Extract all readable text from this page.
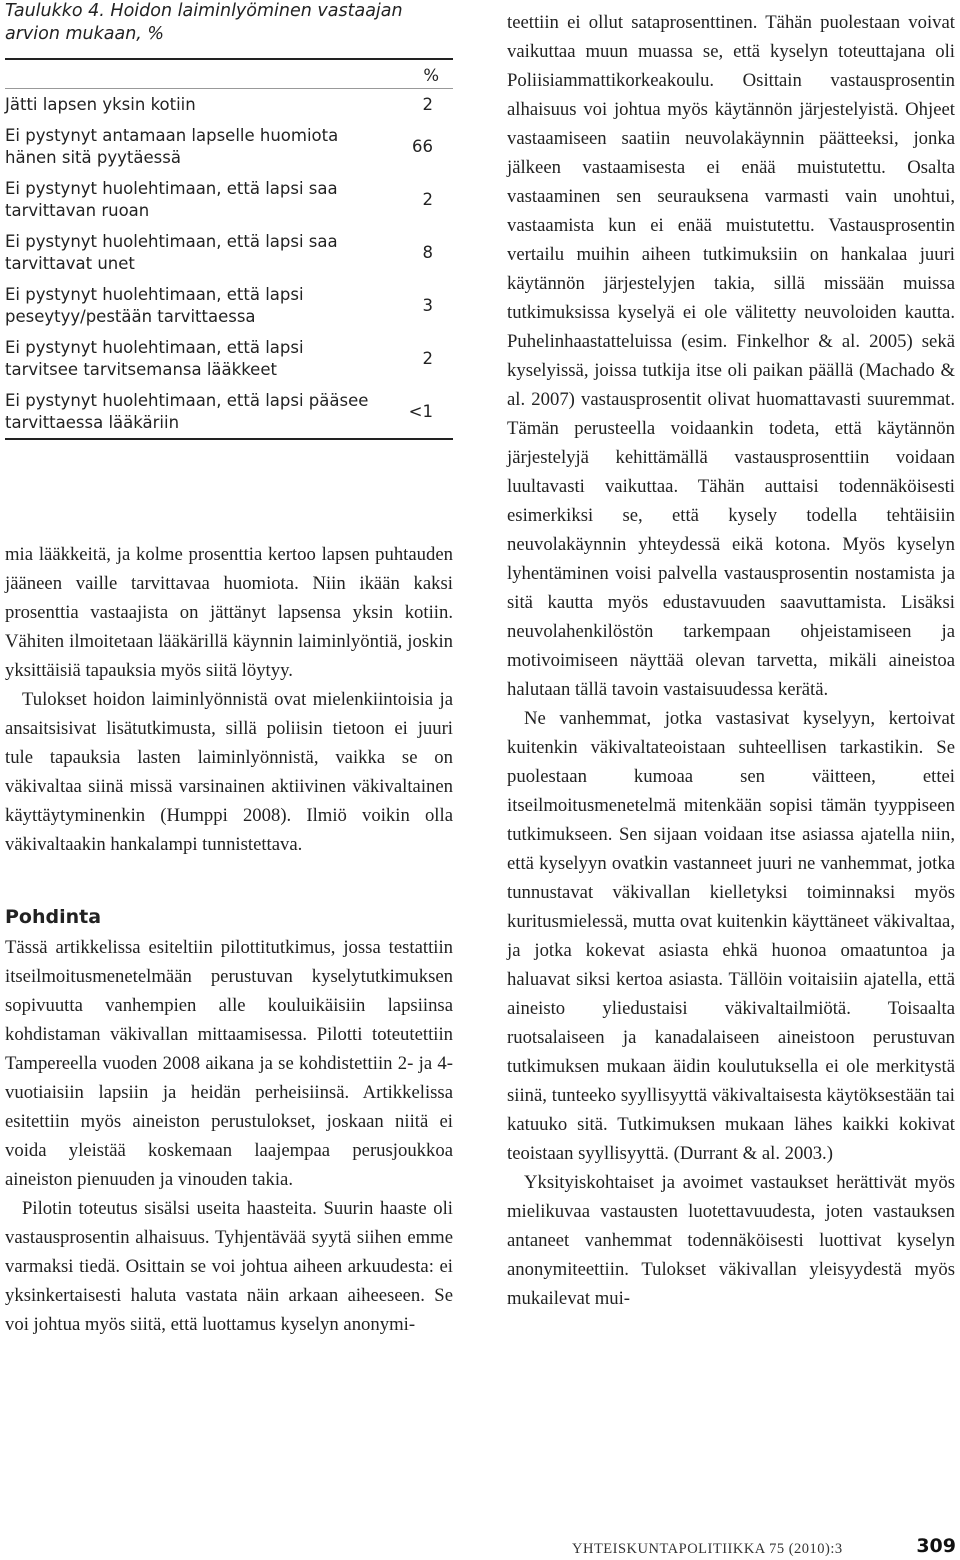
Taulukko 4. Hoidon laiminlyöminen vastaajan arvion mukaan, %

%	
Jätti lapsen yksin kotiin	2
Ei pystynyt antamaan lapselle huomiota hänen sitä pyytäessä	66
Ei pystynyt huolehtimaan, että lapsi saa tarvittavan ruoan	2
Ei pystynyt huolehtimaan, että lapsi saa tarvittavat unet	8
Ei pystynyt huolehtimaan, että lapsi peseytyy/pestään tarvittaessa	3
Ei pystynyt huolehtimaan, että lapsi tarvitsee tarvitsemansa lääkkeet	2
Ei pystynyt huolehtimaan, että lapsi pääsee tarvittaessa lääkäriin	<1

mia lääkkeitä, ja kolme prosenttia kertoo lapsen puhtauden jääneen vaille tarvittavaa huomiota. Niin ikään kaksi prosenttia vastaajista on jättänyt lapsensa yksin kotiin. Vähiten ilmoitetaan lääkärillä käynnin laiminlyöntiä, joskin yksittäisiä tapauksia myös siitä löytyy.

Tulokset hoidon laiminlyönnistä ovat mielenkiintoisia ja ansaitsisivat lisätutkimusta, sillä poliisin tietoon ei juuri tule tapauksia lasten laiminlyönnistä, vaikka se on väkivaltaa siinä missä varsinainen aktiivinen väkivaltainen käyttäytyminenkin (Humppi 2008). Ilmiö voikin olla väkivaltaakin hankalampi tunnistettava.

Pohdinta

Tässä artikkelissa esiteltiin pilottitutkimus, jossa testattiin itseilmoitusmenetelmään perustuvan kyselytutkimuksen sopivuutta vanhempien alle kouluikäisiin lapsiinsa kohdistaman väkivallan mittaamisessa. Pilotti toteutettiin Tampereella vuoden 2008 aikana ja se kohdistettiin 2- ja 4-vuotiaisiin lapsiin ja heidän perheisiinsä. Artikkelissa esitettiin myös aineiston perustulokset, joskaan niitä ei voida yleistää koskemaan laajempaa perusjoukkoa aineiston pienuuden ja vinouden takia.

Pilotin toteutus sisälsi useita haasteita. Suurin haaste oli vastausprosentin alhaisuus. Tyhjentävää syytä siihen emme varmaksi tiedä. Osittain se voi johtua aiheen arkuudesta: ei yksinkertaisesti haluta vastata näin arkaan aiheeseen. Se voi johtua myös siitä, että luottamus kyselyn anonymi-

teettiin ei ollut sataprosenttinen. Tähän puolestaan voivat vaikuttaa muun muassa se, että kyselyn toteuttajana oli Poliisiammattikorkeakoulu. Osittain vastausprosentin alhaisuus voi johtua myös käytännön järjestelyistä. Ohjeet vastaamiseen saatiin neuvolakäynnin päätteeksi, jonka jälkeen vastaamisesta ei enää muistutettu. Osalta vastaaminen sen seurauksena varmasti vain unohtui, vastaamista kun ei enää muistutettu. Vastausprosentin vertailu muihin aiheen tutkimuksiin on hankalaa juuri käytännön järjestelyjen takia, sillä missään muissa tutkimuksissa kyselyä ei ole välitetty neuvoloiden kautta. Puhelinhaastatteluissa (esim. Finkelhor & al. 2005) sekä kyselyissä, joissa tutkija itse oli paikan päällä (Machado & al. 2007) vastausprosentit olivat huomattavasti suuremmat. Tämän perusteella voidaankin todeta, että käytännön järjestelyjä kehittämällä vastausprosenttiin voidaan luultavasti vaikuttaa. Tähän auttaisi todennäköisesti esimerkiksi se, että kysely todella tehtäisiin neuvolakäynnin yhteydessä eikä kotona. Myös kyselyn lyhentäminen voisi palvella vastausprosentin nostamista ja sitä kautta myös edustavuuden saavuttamista. Lisäksi neuvolahenkilöstön tarkempaan ohjeistamiseen ja motivoimiseen näyttää olevan tarvetta, mikäli aineistoa halutaan tällä tavoin vastaisuudessa kerätä.

Ne vanhemmat, jotka vastasivat kyselyyn, kertoivat kuitenkin väkivaltateoistaan suhteellisen tarkastikin. Se puolestaan kumoaa sen väitteen, ettei itseilmoitusmenetelmä mitenkään sopisi tämän tyyppiseen tutkimukseen. Sen sijaan voidaan itse asiassa ajatella niin, että kyselyyn ovatkin vastanneet juuri ne vanhemmat, jotka tunnustavat väkivallan kielletyksi toiminnaksi myös kuritusmielessä, mutta ovat kuitenkin käyttäneet väkivaltaa, ja jotka kokevat asiasta ehkä huonoa omaatuntoa ja haluavat siksi kertoa asiasta. Tällöin voitaisiin ajatella, että aineisto yliedustaisi väkivaltailmiötä. Toisaalta ruotsalaiseen ja kanadalaiseen aineistoon perustuvan tutkimuksen mukaan äidin koulutuksella ei ole merkitystä siinä, tunteeko syyllisyyttä väkivaltaisesta käytöksestään tai katuuko sitä. Tutkimuksen mukaan lähes kaikki kokivat teoistaan syyllisyyttä. (Durrant & al. 2003.)

Yksityiskohtaiset ja avoimet vastaukset herättivät myös mielikuvaa vastausten luotettavuudesta, joten vastauksen antaneet vanhemmat todennäköisesti luottivat kyselyn anonymiteettiin. Tulokset väkivallan yleisyydestä myös mukailevat mui-

YHTEISKUNTAPOLITIIKKA 75 (2010):3	309
